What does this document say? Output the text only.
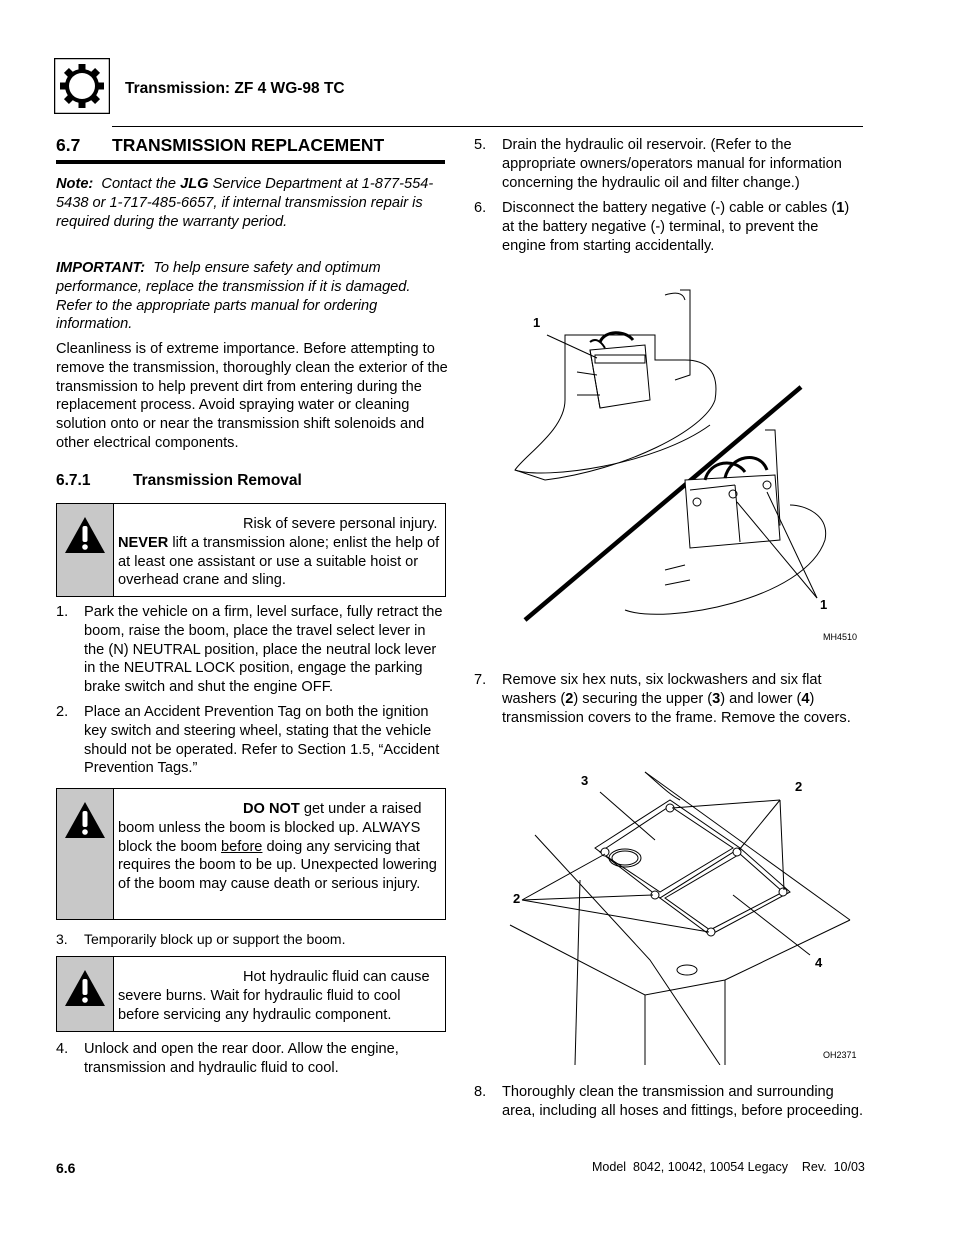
Transmission: ZF 4 WG-98 TC
6.7 TRANSMISSION REPLACEMENT
Note: Contact the JLG Service Department at 1-877-554-5438 or 1-717-485-6657, if internal transmission repair is required during the warranty period.
IMPORTANT: To help ensure safety and optimum performance, replace the transmission if it is damaged. Refer to the appropriate parts manual for ordering information.
Cleanliness is of extreme importance. Before attempting to remove the transmission, thoroughly clean the exterior of the transmission to help prevent dirt from entering during the replacement process. Avoid spraying water or cleaning solution onto or near the transmission shift solenoids and other electrical components.
6.7.1	Transmission Removal
Risk of severe personal injury. NEVER lift a transmission alone; enlist the help of at least one assistant or use a suitable hoist or overhead crane and sling.
1. Park the vehicle on a firm, level surface, fully retract the boom, raise the boom, place the travel select lever in the (N) NEUTRAL position, place the neutral lock lever in the NEUTRAL LOCK position, engage the parking brake switch and shut the engine OFF.
2. Place an Accident Prevention Tag on both the ignition key switch and steering wheel, stating that the vehicle should not be operated. Refer to Section 1.5, “Accident Prevention Tags.”
DO NOT get under a raised boom unless the boom is blocked up. ALWAYS block the boom before doing any servicing that requires the boom to be up. Unexpected lowering of the boom may cause death or serious injury.
3. Temporarily block up or support the boom.
Hot hydraulic fluid can cause severe burns. Wait for hydraulic fluid to cool before servicing any hydraulic component.
4. Unlock and open the rear door. Allow the engine, transmission and hydraulic fluid to cool.
5. Drain the hydraulic oil reservoir. (Refer to the appropriate owners/operators manual for information concerning the hydraulic oil and filter change.)
6. Disconnect the battery negative (-) cable or cables (1) at the battery negative (-) terminal, to prevent the engine from starting accidentally.
1
1
MH4510
7. Remove six hex nuts, six lockwashers and six flat washers (2) securing the upper (3) and lower (4) transmission covers to the frame. Remove the covers.
3	2
2
4
OH2371
8. Thoroughly clean the transmission and surrounding area, including all hoses and fittings, before proceeding.
6.6	Model  8042, 10042, 10054 Legacy    Rev.  10/03
